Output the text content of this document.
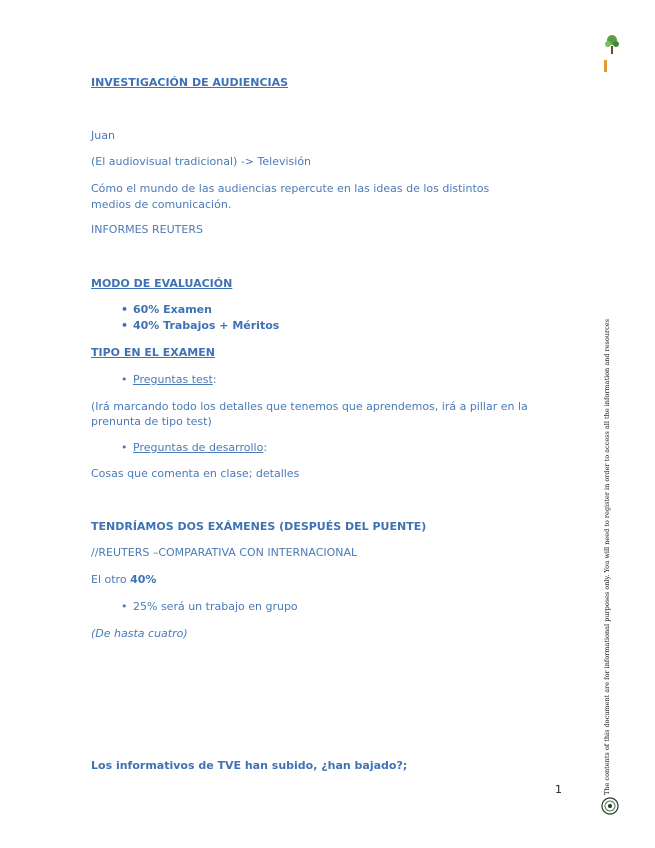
INVESTIGACIÓN DE AUDIENCIAS
Juan
(El audiovisual tradicional) -> Televisión
Cómo el mundo de las audiencias repercute en las ideas de los distintos
medios de comunicación.
INFORMES REUTERS
MODO DE EVALUACIÓN
• 60% Examen
• 40% Trabajos + Méritos
TIPO EN EL EXAMEN
• Preguntas test:
(Irá marcando todo los detalles que tenemos que aprendemos, irá a pillar en la
prenunta de tipo test)
• Preguntas de desarrollo:
Cosas que comenta en clase; detalles
TENDRÍAMOS DOS EXÁMENES (DESPUÉS DEL PUENTE)
//REUTERS –COMPARATIVA CON INTERNACIONAL
El otro 40%
• 25% será un trabajo en grupo
(De hasta cuatro)
Los informativos de TVE han subido, ¿han bajado?;
1	The contents of this document are for informational purposes only. You will need to register in order to access all the information and resources
